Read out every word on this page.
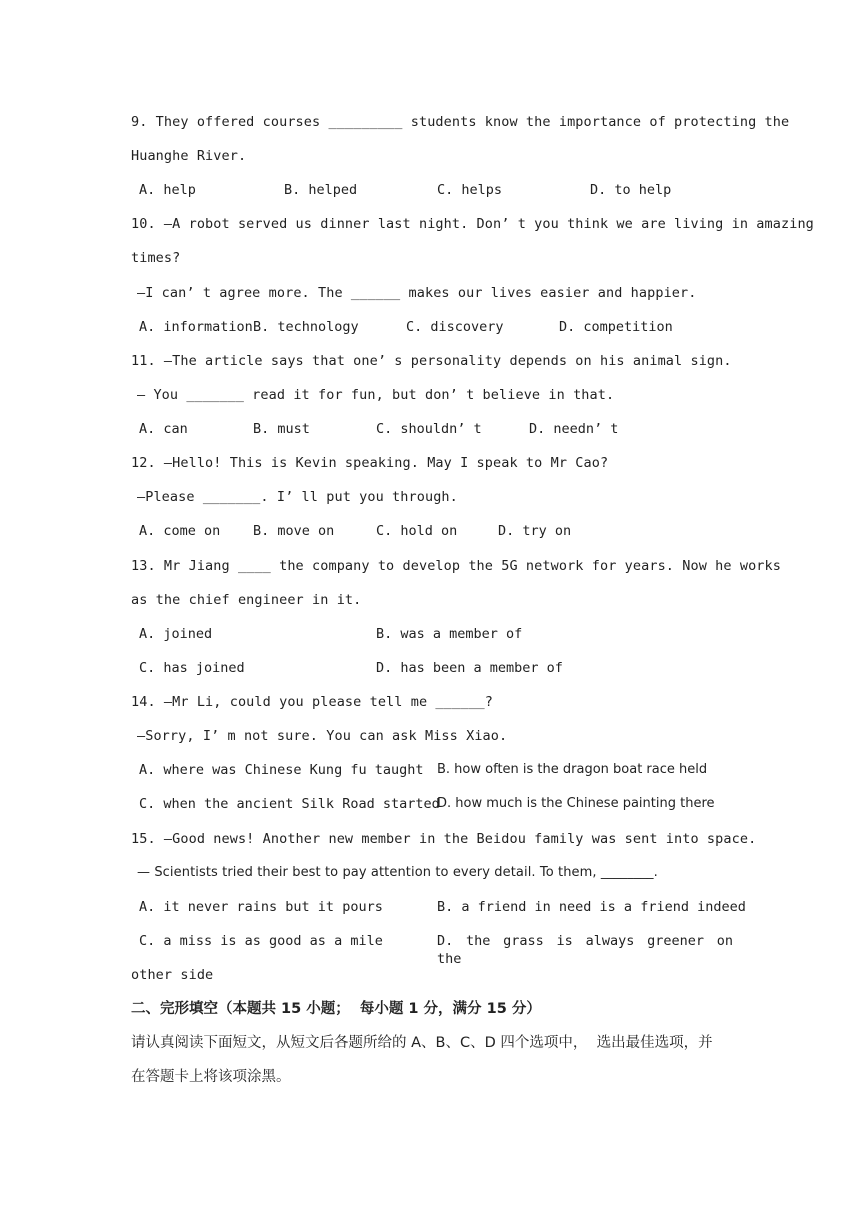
9. They offered courses _________ students know the importance of protecting the
Huanghe River.
A. help	B. helped	C. helps	D. to help
10. —A robot served us dinner last night. Don’ t you think we are living in amazing
times?
—I can’ t agree more. The ______ makes our lives easier and happier.
A. information B. technology	C. discovery	D. competition
11. —The article says that one’ s personality depends on his animal sign.
— You _______ read it for fun, but don’ t believe in that.
A. can	B. must	C. shouldn’ t	D. needn’ t
12. —Hello! This is Kevin speaking. May I speak to Mr Cao?
—Please _______. I’ ll put you through.
A. come on B. move on	C. hold on	D. try on
13. Mr Jiang ____ the company to develop the 5G network for years. Now he works
as the chief engineer in it.
A. joined	B. was a member of
C. has joined	D. has been a member of
14. —Mr Li, could you please tell me ______?
—Sorry, I’ m not sure. You can ask Miss Xiao.
A. where was Chinese Kung fu taught B. how often is the dragon boat race held
C. when the ancient Silk Road started
D. how much is the Chinese painting there
15. —Good news! Another new member in the Beidou family was sent into space.
— Scientists tried their best to pay attention to every detail. To them, ________.
A. it never rains but it pours	B. a friend in need is a friend indeed
C. a miss is as good as a mile	D. the grass is always greener on the
other side
二、完形填空（本题共 15 小题；  每小题 1 分，满分 15 分）
请认真阅读下面短文，从短文后各题所给的 A、B、C、D 四个选项中，  选出最佳选项，并
在答题卡上将该项涂黑。
